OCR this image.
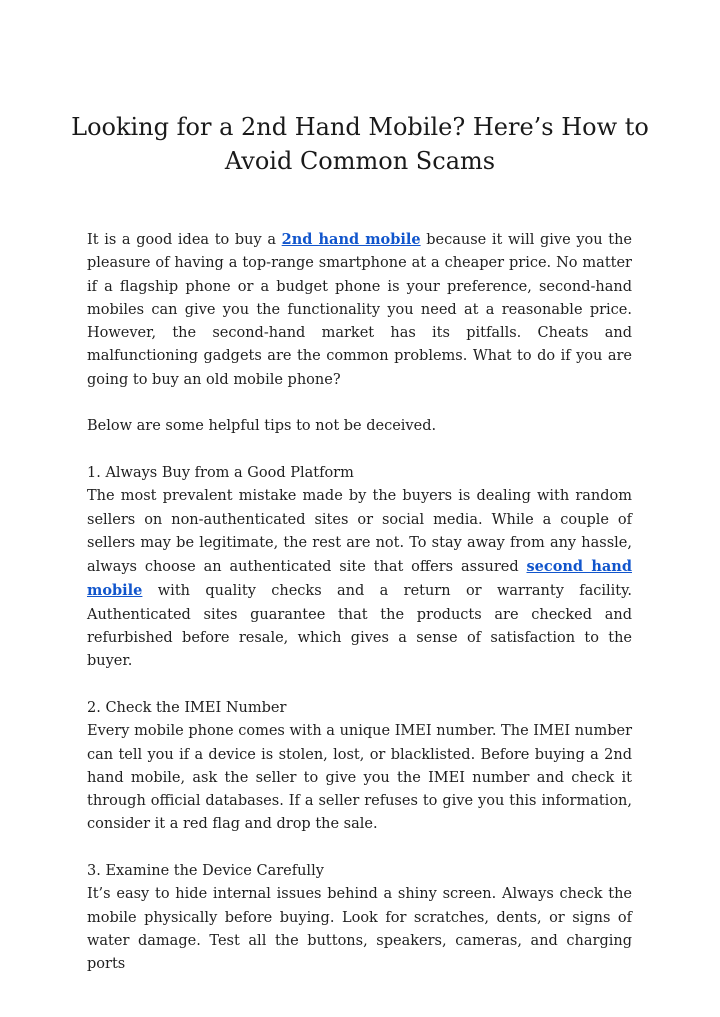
Looking for a 2nd Hand Mobile? Here’s How to Avoid Common Scams

It is a good idea to buy a 2nd hand mobile because it will give you the pleasure of having a top-range smartphone at a cheaper price. No matter if a flagship phone or a budget phone is your preference, second-hand mobiles can give you the functionality you need at a reasonable price. However, the second-hand market has its pitfalls. Cheats and malfunctioning gadgets are the common problems. What to do if you are going to buy an old mobile phone?

Below are some helpful tips to not be deceived.

1. Always Buy from a Good Platform

The most prevalent mistake made by the buyers is dealing with random sellers on non-authenticated sites or social media. While a couple of sellers may be legitimate, the rest are not. To stay away from any hassle, always choose an authenticated site that offers assured second hand mobile with quality checks and a return or warranty facility. Authenticated sites guarantee that the products are checked and refurbished before resale, which gives a sense of satisfaction to the buyer.

2. Check the IMEI Number

Every mobile phone comes with a unique IMEI number. The IMEI number can tell you if a device is stolen, lost, or blacklisted. Before buying a 2nd hand mobile, ask the seller to give you the IMEI number and check it through official databases. If a seller refuses to give you this information, consider it a red flag and drop the sale.

3. Examine the Device Carefully

It’s easy to hide internal issues behind a shiny screen. Always check the mobile physically before buying. Look for scratches, dents, or signs of water damage. Test all the buttons, speakers, cameras, and charging ports
